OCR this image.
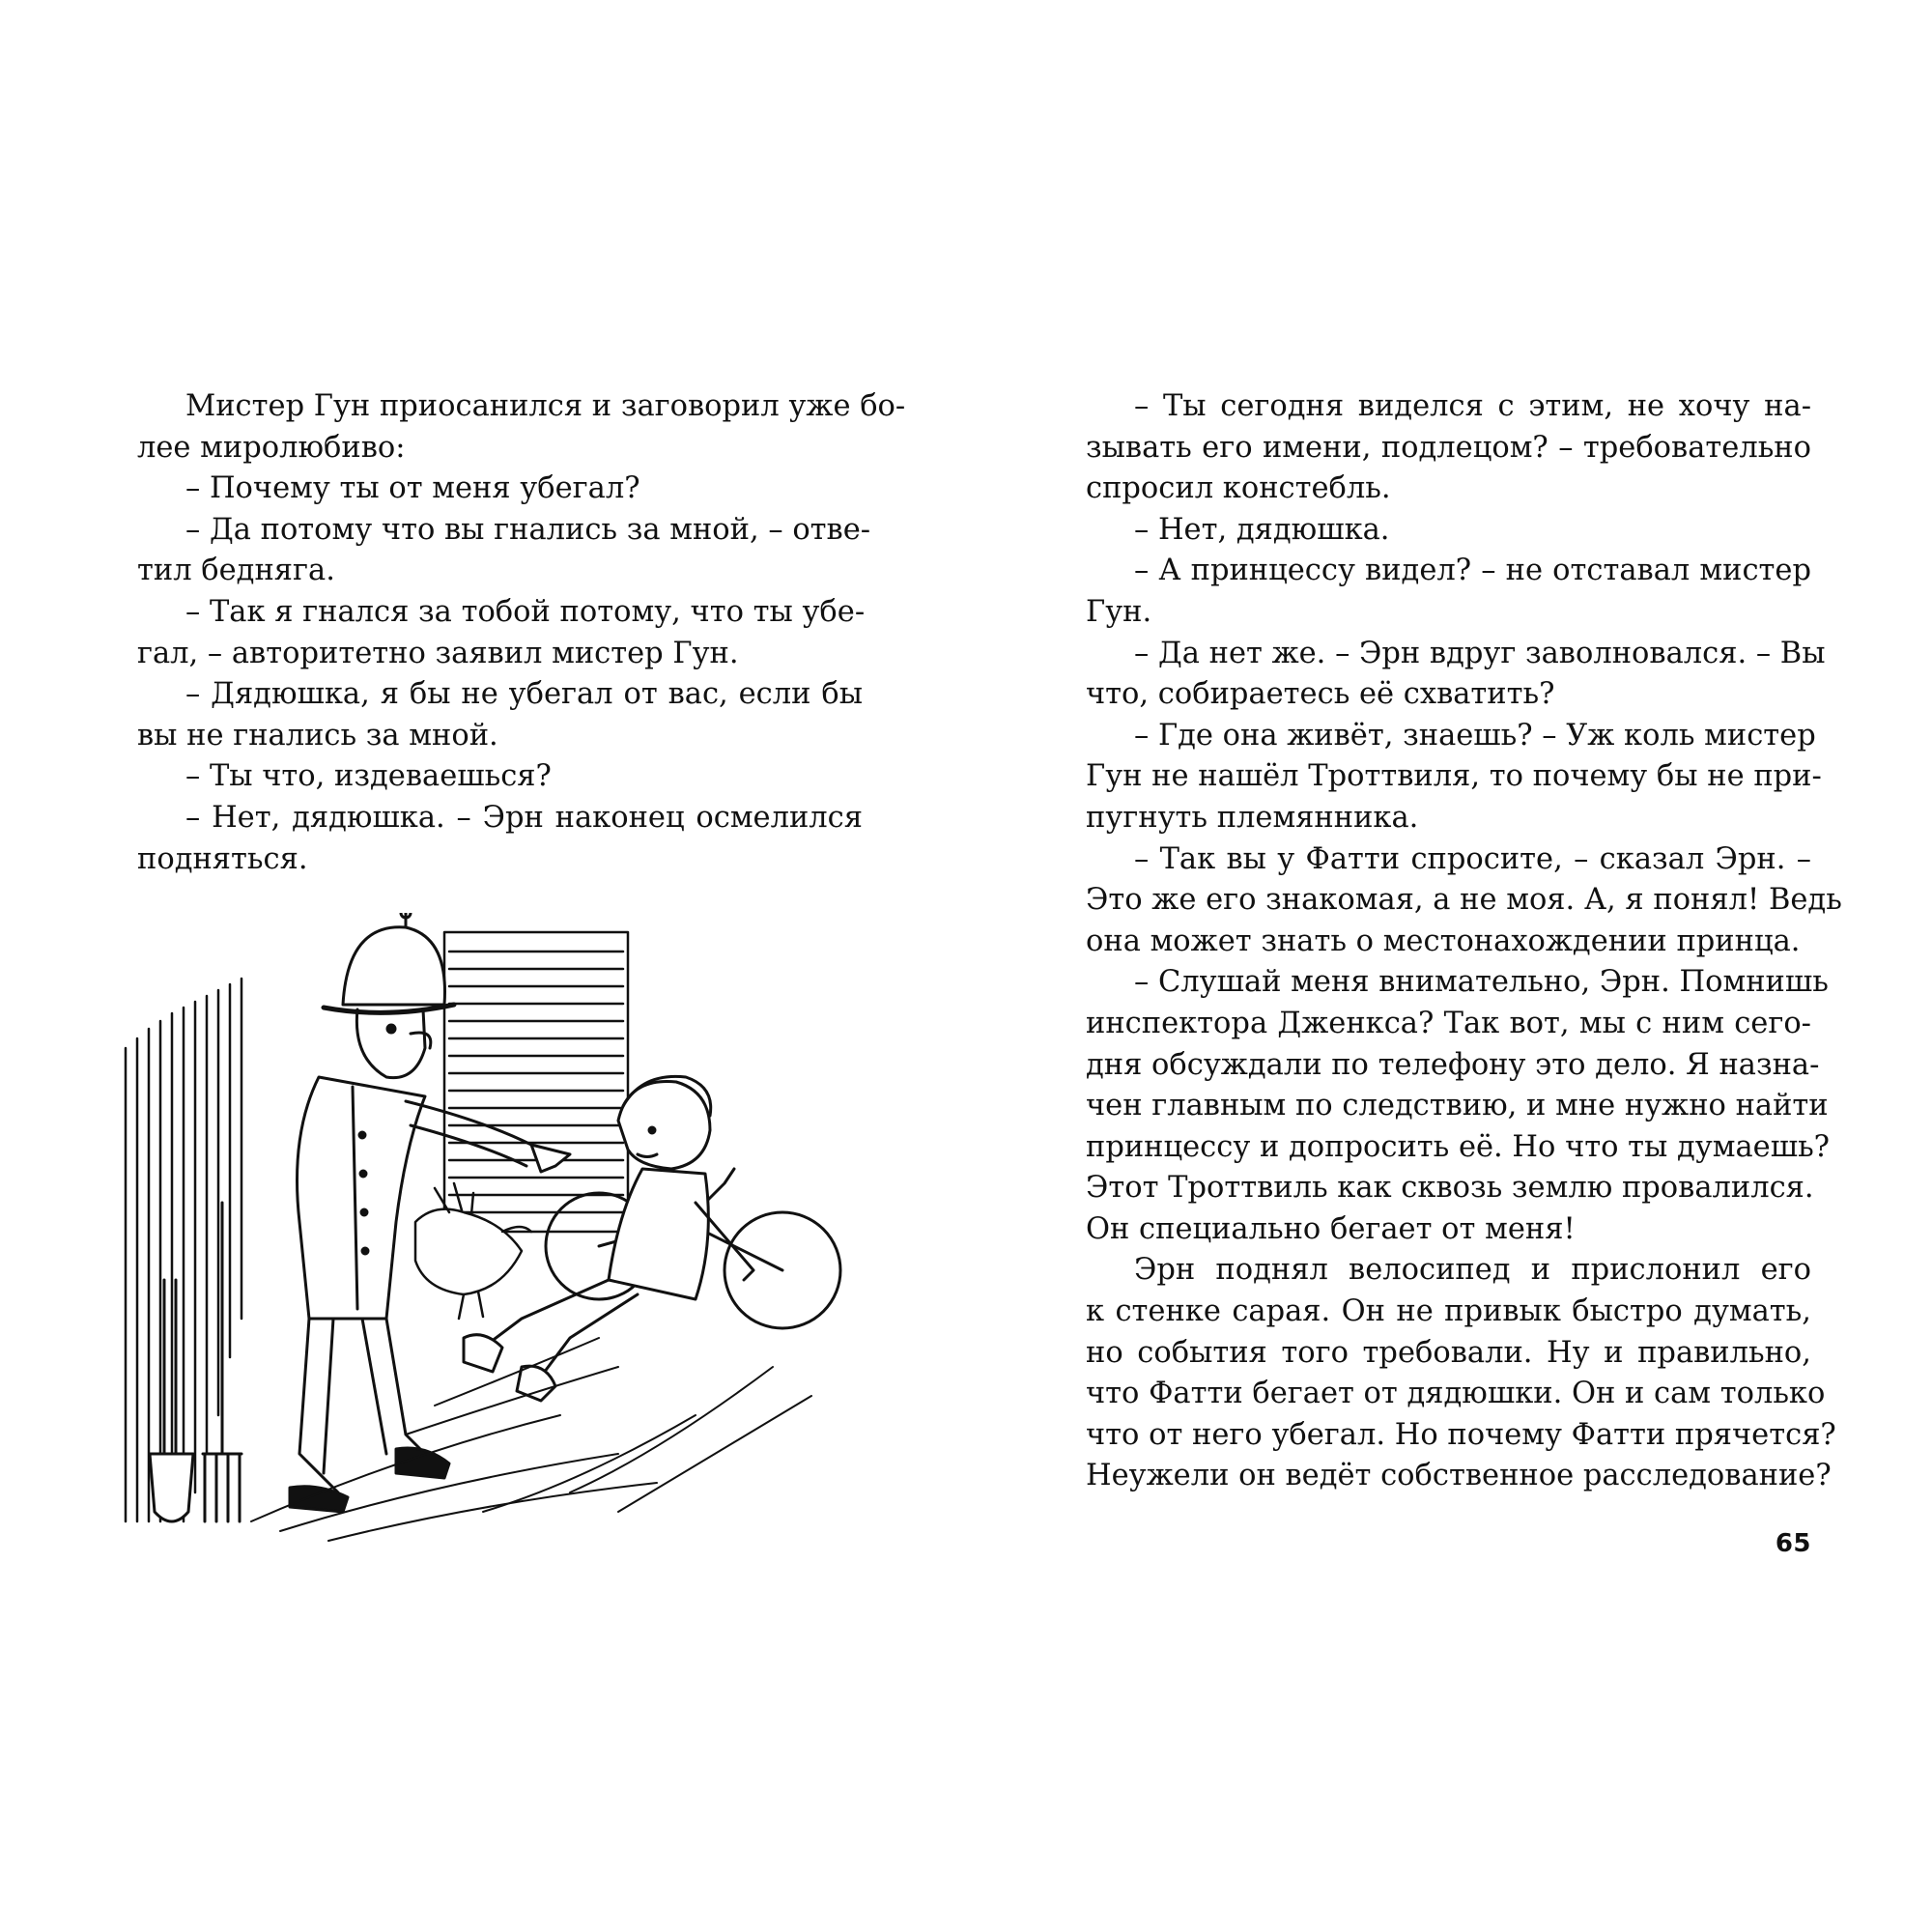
Мистер Гун приосанился и заговорил уже бо-
лее миролюбиво:
– Почему ты от меня убегал?
– Да потому что вы гнались за мной, – отве-
тил бедняга.
– Так я гнался за тобой потому, что ты убе-
гал, – авторитетно заявил мистер Гун.
– Дядюшка, я бы не убегал от вас, если бы
вы не гнались за мной.
– Ты что, издеваешься?
– Нет, дядюшка. – Эрн наконец осмелился
подняться.
– Ты сегодня виделся с этим, не хочу на-
зывать его имени, подлецом? – требовательно
спросил констебль.
– Нет, дядюшка.
– А принцессу видел? – не отставал мистер
Гун.
– Да нет же. – Эрн вдруг заволновался. – Вы
что, собираетесь её схватить?
– Где она живёт, знаешь? – Уж коль мистер
Гун не нашёл Троттвиля, то почему бы не при-
пугнуть племянника.
– Так вы у Фатти спросите, – сказал Эрн. –
Это же его знакомая, а не моя. А, я понял! Ведь
она может знать о местонахождении принца.
– Слушай меня внимательно, Эрн. Помнишь
инспектора Дженкса? Так вот, мы с ним сего-
дня обсуждали по телефону это дело. Я назна-
чен главным по следствию, и мне нужно найти
принцессу и допросить её. Но что ты думаешь?
Этот Троттвиль как сквозь землю провалился.
Он специально бегает от меня!
Эрн поднял велосипед и прислонил его
к стенке сарая. Он не привык быстро думать,
но события того требовали. Ну и правильно,
что Фатти бегает от дядюшки. Он и сам только
что от него убегал. Но почему Фатти прячется?
Неужели он ведёт собственное расследование?
65
